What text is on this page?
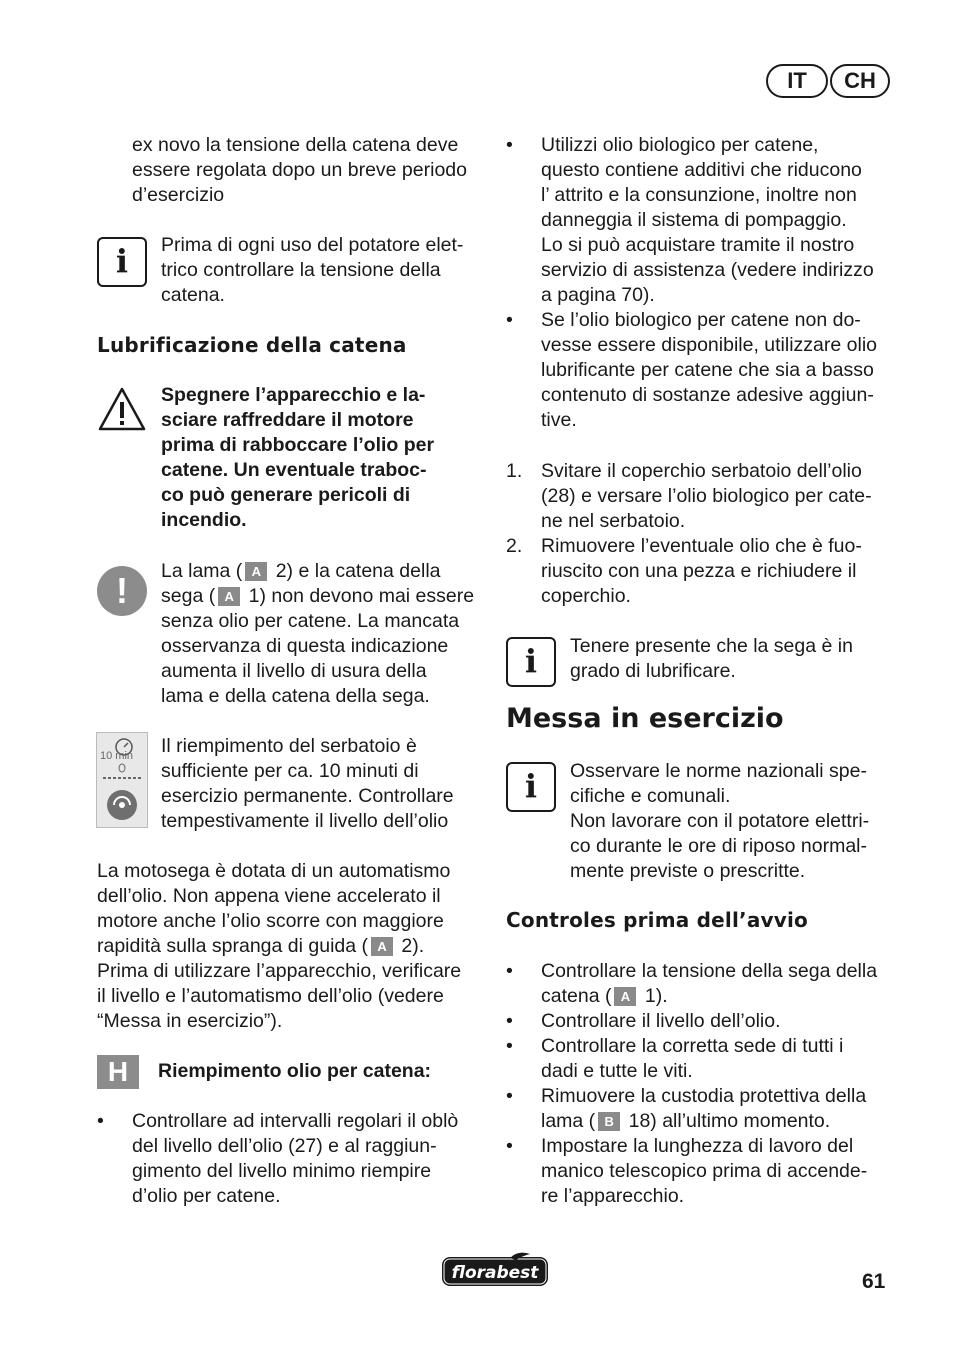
IT	CH

ex novo la tensione della catena deve

essere regolata dopo un breve periodo

d’esercizio

i	Prima di ogni uso del potatore elet-

trico controllare la tensione della

catena.

Lubrificazione della catena

Spegnere l’apparecchio e la-

sciare raffreddare il motore

prima di rabboccare l’olio per

catene. Un eventuale traboc-

co può generare pericoli di

incendio.

!	La lama ( A 2) e la catena della

sega ( A 1) non devono mai essere

senza olio per catene. La mancata

osservanza di questa indicazione

aumenta il livello di usura della

lama e della catena della sega.

10 min Il riempimento del serbatoio è

sufficiente per ca. 10 minuti di

esercizio permanente. Controllare

tempestivamente il livello dell’olio

La motosega è dotata di un automatismo

dell’olio. Non appena viene accelerato il

motore anche l’olio scorre con maggiore

rapidità sulla spranga di guida ( A 2).

Prima di utilizzare l’apparecchio, verificare

il livello e l’automatismo dell’olio (vedere

“Messa in esercizio”).

H	Riempimento olio per catena:

• Controllare ad intervalli regolari il oblò

del livello dell’olio (27) e al raggiun-

gimento del livello minimo riempire

d’olio per catene.

• Utilizzi olio biologico per catene,

questo contiene additivi che riducono

l’ attrito e la consunzione, inoltre non

danneggia il sistema di pompaggio.

Lo si può acquistare tramite il nostro

servizio di assistenza (vedere indirizzo

a pagina 70).

• Se l’olio biologico per catene non do-

vesse essere disponibile, utilizzare olio

lubrificante per catene che sia a basso

contenuto di sostanze adesive aggiun-

tive.

1. Svitare il coperchio serbatoio dell’olio

(28) e versare l’olio biologico per cate-

ne nel serbatoio.

2. Rimuovere l’eventuale olio che è fuo-

riuscito con una pezza e richiudere il

coperchio.

i	Tenere presente che la sega è in

grado di lubrificare.

Messa in esercizio
i	Osservare le norme nazionali spe-

cifiche e comunali.

Non lavorare con il potatore elettri-

co durante le ore di riposo normal-

mente previste o prescritte.

Controles prima dell’avvio

• Controllare la tensione della sega della

catena ( A 1).

• Controllare il livello dell’olio.

• Controllare la corretta sede di tutti i

dadi e tutte le viti.

• Rimuovere la custodia protettiva della

lama ( B 18) all’ultimo momento.

• Impostare la lunghezza di lavoro del

manico telescopico prima di accende-

re l’apparecchio.

florabest	61
